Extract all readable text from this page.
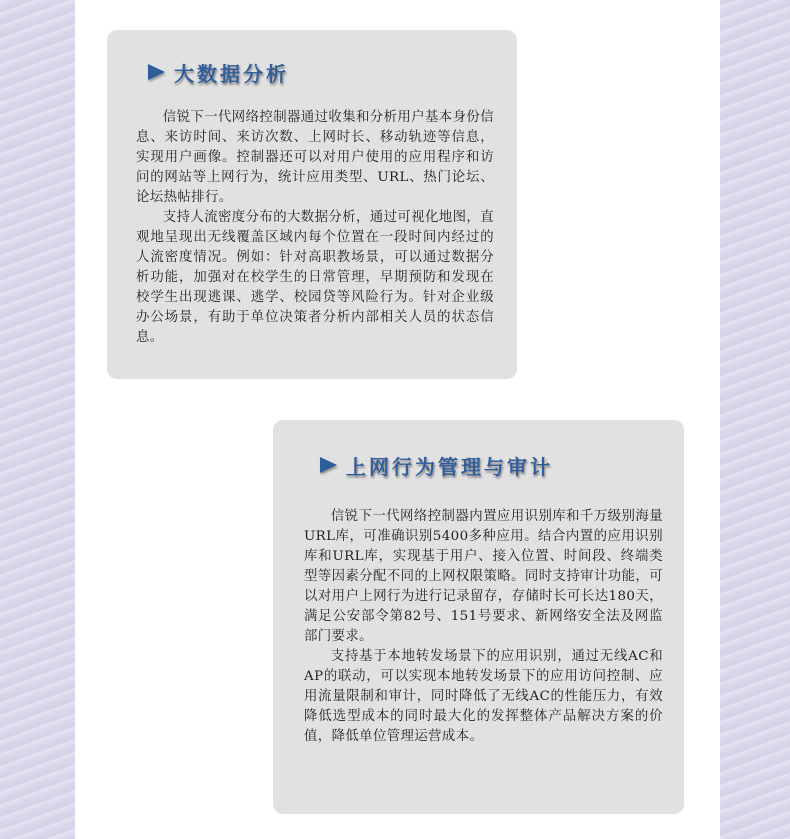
大数据分析

信锐下一代网络控制器通过收集和分析用户基本身份信息、来访时间、来访次数、上网时长、移动轨迹等信息，实现用户画像。控制器还可以对用户使用的应用程序和访问的网站等上网行为，统计应用类型、URL、热门论坛、论坛热帖排行。

支持人流密度分布的大数据分析，通过可视化地图，直观地呈现出无线覆盖区域内每个位置在一段时间内经过的人流密度情况。例如：针对高职教场景，可以通过数据分析功能，加强对在校学生的日常管理，早期预防和发现在校学生出现逃课、逃学、校园贷等风险行为。针对企业级办公场景，有助于单位决策者分析内部相关人员的状态信息。

上网行为管理与审计

信锐下一代网络控制器内置应用识别库和千万级别海量URL库，可准确识别5400多种应用。结合内置的应用识别库和URL库，实现基于用户、接入位置、时间段、终端类型等因素分配不同的上网权限策略。同时支持审计功能，可以对用户上网行为进行记录留存，存储时长可长达180天，满足公安部令第82号、151号要求、新网络安全法及网监部门要求。

支持基于本地转发场景下的应用识别，通过无线AC和AP的联动，可以实现本地转发场景下的应用访问控制、应用流量限制和审计，同时降低了无线AC的性能压力，有效降低选型成本的同时最大化的发挥整体产品解决方案的价值，降低单位管理运营成本。
